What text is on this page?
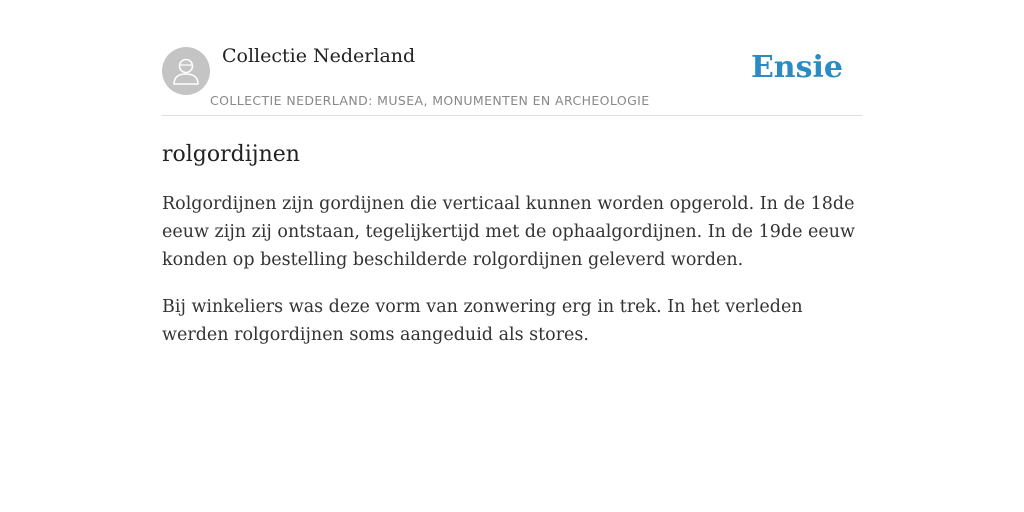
Collectie Nederland
COLLECTIE NEDERLAND: MUSEA, MONUMENTEN EN ARCHEOLOGIE
Ensie
rolgordijnen

Rolgordijnen zijn gordijnen die verticaal kunnen worden opgerold. In de 18de eeuw zijn zij ontstaan, tegelijkertijd met de ophaalgordijnen. In de 19de eeuw konden op bestelling beschilderde rolgordijnen geleverd worden.

Bij winkeliers was deze vorm van zonwering erg in trek. In het verleden werden rolgordijnen soms aangeduid als stores.
